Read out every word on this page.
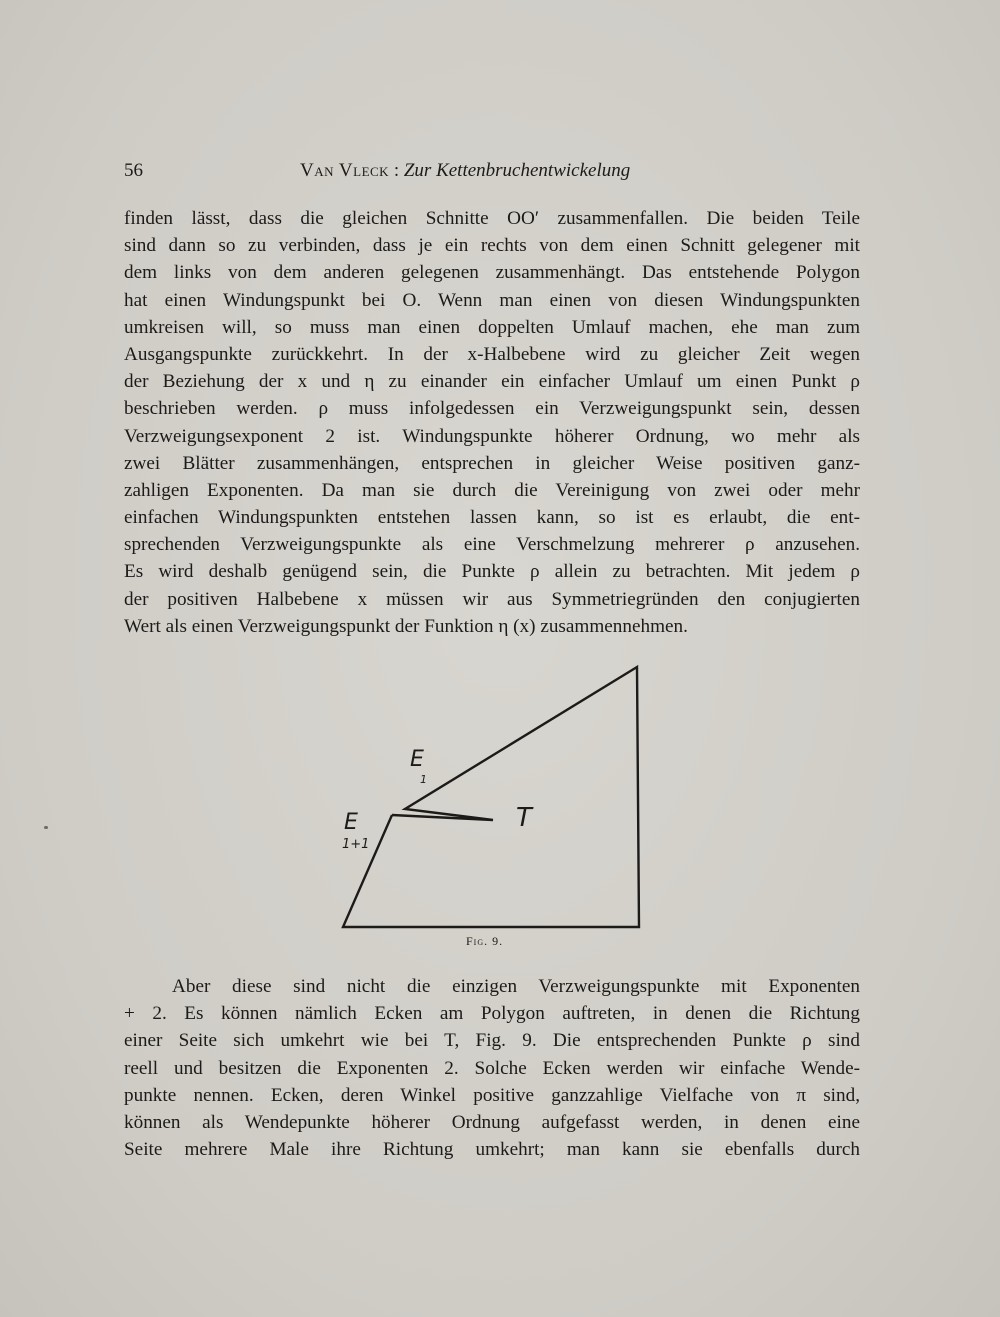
56	Van Vleck : Zur Kettenbruchentwickelung
finden lässt, dass die gleichen Schnitte OO′ zusammenfallen. Die beiden Teile
sind dann so zu verbinden, dass je ein rechts von dem einen Schnitt gelegener mit
dem links von dem anderen gelegenen zusammenhängt. Das entstehende Polygon
hat einen Windungspunkt bei O. Wenn man einen von diesen Windungspunkten
umkreisen will, so muss man einen doppelten Umlauf machen, ehe man zum
Ausgangspunkte zurückkehrt. In der x-Halbebene wird zu gleicher Zeit wegen
der Beziehung der x und η zu einander ein einfacher Umlauf um einen Punkt ρ
beschrieben werden. ρ muss infolgedessen ein Verzweigungspunkt sein, dessen
Verzweigungsexponent 2 ist. Windungspunkte höherer Ordnung, wo mehr als
zwei Blätter zusammenhängen, entsprechen in gleicher Weise positiven ganz-
zahligen Exponenten. Da man sie durch die Vereinigung von zwei oder mehr
einfachen Windungspunkten entstehen lassen kann, so ist es erlaubt, die ent-
sprechenden Verzweigungspunkte als eine Verschmelzung mehrerer ρ anzusehen.
Es wird deshalb genügend sein, die Punkte ρ allein zu betrachten. Mit jedem ρ
der positiven Halbebene x müssen wir aus Symmetriegründen den conjugierten
Wert als einen Verzweigungspunkt der Funktion η (x) zusammennehmen.
E
1
E
1+1
T
Fig. 9.
Aber diese sind nicht die einzigen Verzweigungspunkte mit Exponenten
+ 2. Es können nämlich Ecken am Polygon auftreten, in denen die Richtung
einer Seite sich umkehrt wie bei T, Fig. 9. Die entsprechenden Punkte ρ sind
reell und besitzen die Exponenten 2. Solche Ecken werden wir einfache Wende-
punkte nennen. Ecken, deren Winkel positive ganzzahlige Vielfache von π sind,
können als Wendepunkte höherer Ordnung aufgefasst werden, in denen eine
Seite mehrere Male ihre Richtung umkehrt; man kann sie ebenfalls durch
